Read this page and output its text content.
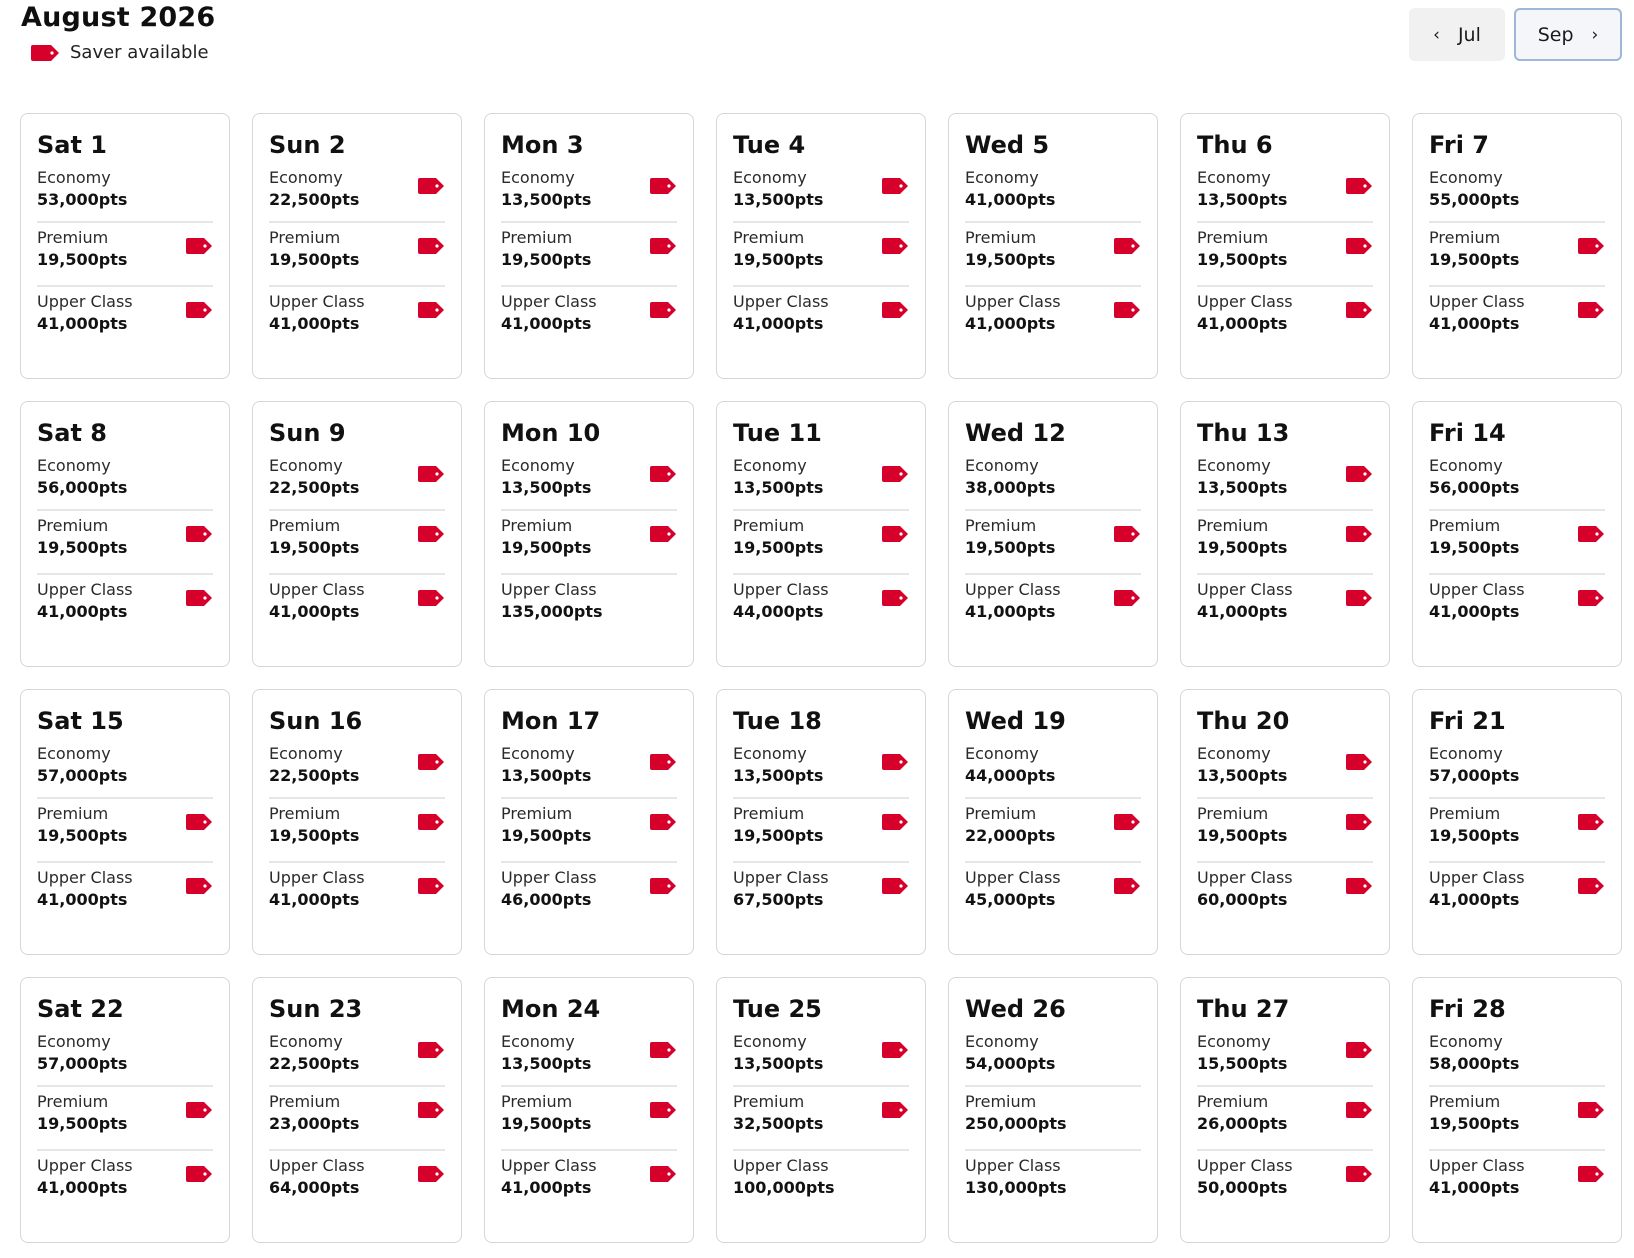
August 2026
Saver available
‹ Jul	Sep ›
Sat 1
Economy
53,000pts
Premium
19,500pts
Upper Class
41,000pts
Sun 2
Economy
22,500pts
Premium
19,500pts
Upper Class
41,000pts
Mon 3
Economy
13,500pts
Premium
19,500pts
Upper Class
41,000pts
Tue 4
Economy
13,500pts
Premium
19,500pts
Upper Class
41,000pts
Wed 5
Economy
41,000pts
Premium
19,500pts
Upper Class
41,000pts
Thu 6
Economy
13,500pts
Premium
19,500pts
Upper Class
41,000pts
Fri 7
Economy
55,000pts
Premium
19,500pts
Upper Class
41,000pts
Sat 8
Economy
56,000pts
Premium
19,500pts
Upper Class
41,000pts
Sun 9
Economy
22,500pts
Premium
19,500pts
Upper Class
41,000pts
Mon 10
Economy
13,500pts
Premium
19,500pts
Upper Class
135,000pts
Tue 11
Economy
13,500pts
Premium
19,500pts
Upper Class
44,000pts
Wed 12
Economy
38,000pts
Premium
19,500pts
Upper Class
41,000pts
Thu 13
Economy
13,500pts
Premium
19,500pts
Upper Class
41,000pts
Fri 14
Economy
56,000pts
Premium
19,500pts
Upper Class
41,000pts
Sat 15
Economy
57,000pts
Premium
19,500pts
Upper Class
41,000pts
Sun 16
Economy
22,500pts
Premium
19,500pts
Upper Class
41,000pts
Mon 17
Economy
13,500pts
Premium
19,500pts
Upper Class
46,000pts
Tue 18
Economy
13,500pts
Premium
19,500pts
Upper Class
67,500pts
Wed 19
Economy
44,000pts
Premium
22,000pts
Upper Class
45,000pts
Thu 20
Economy
13,500pts
Premium
19,500pts
Upper Class
60,000pts
Fri 21
Economy
57,000pts
Premium
19,500pts
Upper Class
41,000pts
Sat 22
Economy
57,000pts
Premium
19,500pts
Upper Class
41,000pts
Sun 23
Economy
22,500pts
Premium
23,000pts
Upper Class
64,000pts
Mon 24
Economy
13,500pts
Premium
19,500pts
Upper Class
41,000pts
Tue 25
Economy
13,500pts
Premium
32,500pts
Upper Class
100,000pts
Wed 26
Economy
54,000pts
Premium
250,000pts
Upper Class
130,000pts
Thu 27
Economy
15,500pts
Premium
26,000pts
Upper Class
50,000pts
Fri 28
Economy
58,000pts
Premium
19,500pts
Upper Class
41,000pts
